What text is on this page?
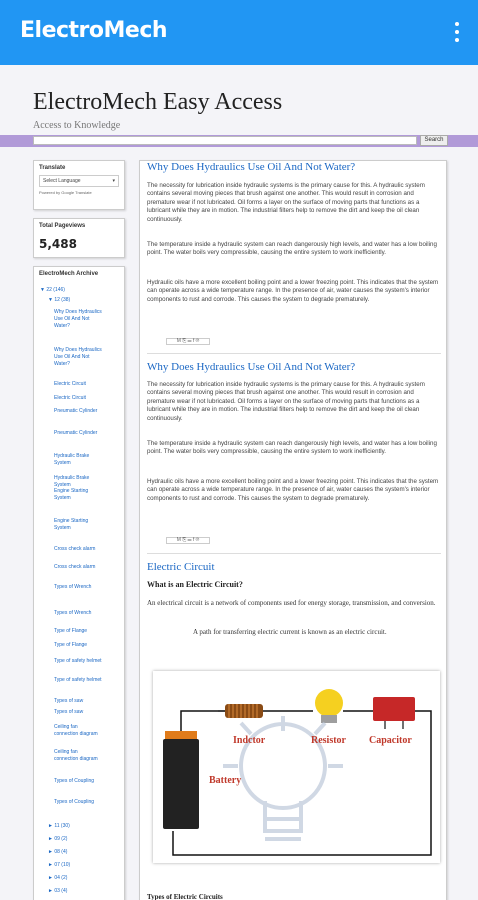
ElectroMech
ElectroMech Easy Access
Access to Knowledge
Search
Translate
Select Language ▾
Powered by Google Translate
Total Pageviews
5,488
ElectroMech Archive
▼ 22 (146)
▼ 12 (38)
Why Does Hydraulics Use Oil And Not Water?
Why Does Hydraulics Use Oil And Not Water?
Electric Circuit
Electric Circuit
Pneumatic Cylinder
Pneumatic Cylinder
Hydraulic Brake System
Hydraulic Brake System
Engine Starting System
Engine Starting System
Cross check alarm
Cross check alarm
Types of Wrench
Types of Wrench
Type of Flange
Type of Flange
Type of safety helmet
Type of safety helmet
Types of saw
Types of saw
Ceiling fan connection diagram
Ceiling fan connection diagram
Types of Coupling
Types of Coupling
► 11 (30)
► 09 (2)
► 08 (4)
► 07 (10)
► 04 (2)
► 03 (4)
Why Does Hydraulics Use Oil And Not Water?
The necessity for lubrication inside hydraulic systems is the primary cause for this. A hydraulic system contains several moving pieces that brush against one another. This would result in corrosion and premature wear if not lubricated. Oil forms a layer on the surface of moving parts that functions as a lubricant while they are in motion. The industrial filters help to remove the dirt and keep the oil clean continuously.
The temperature inside a hydraulic system can reach dangerously high levels, and water has a low boiling point. The water boils very compressible, causing the entire system to work inefficiently.
Hydraulic oils have a more excellent boiling point and a lower freezing point. This indicates that the system can operate across a wide temperature range. In the presence of air, water causes the system's interior components to rust and corrode. This causes the system to degrade prematurely.
M ⎘ ▭ f ℗
Why Does Hydraulics Use Oil And Not Water?
The necessity for lubrication inside hydraulic systems is the primary cause for this. A hydraulic system contains several moving pieces that brush against one another. This would result in corrosion and premature wear if not lubricated. Oil forms a layer on the surface of moving parts that functions as a lubricant while they are in motion. The industrial filters help to remove the dirt and keep the oil clean continuously.
The temperature inside a hydraulic system can reach dangerously high levels, and water has a low boiling point. The water boils very compressible, causing the entire system to work inefficiently.
Hydraulic oils have a more excellent boiling point and a lower freezing point. This indicates that the system can operate across a wide temperature range. In the presence of air, water causes the system's interior components to rust and corrode. This causes the system to degrade prematurely.
M ⎘ ▭ f ℗
Electric Circuit
What is an Electric Circuit?
An electrical circuit is a network of components used for energy storage, transmission, and conversion.
A path for transferring electric current is known as an electric circuit.
Indctor	Resistor Capacitor
Battery
Types of Electric Circuits
